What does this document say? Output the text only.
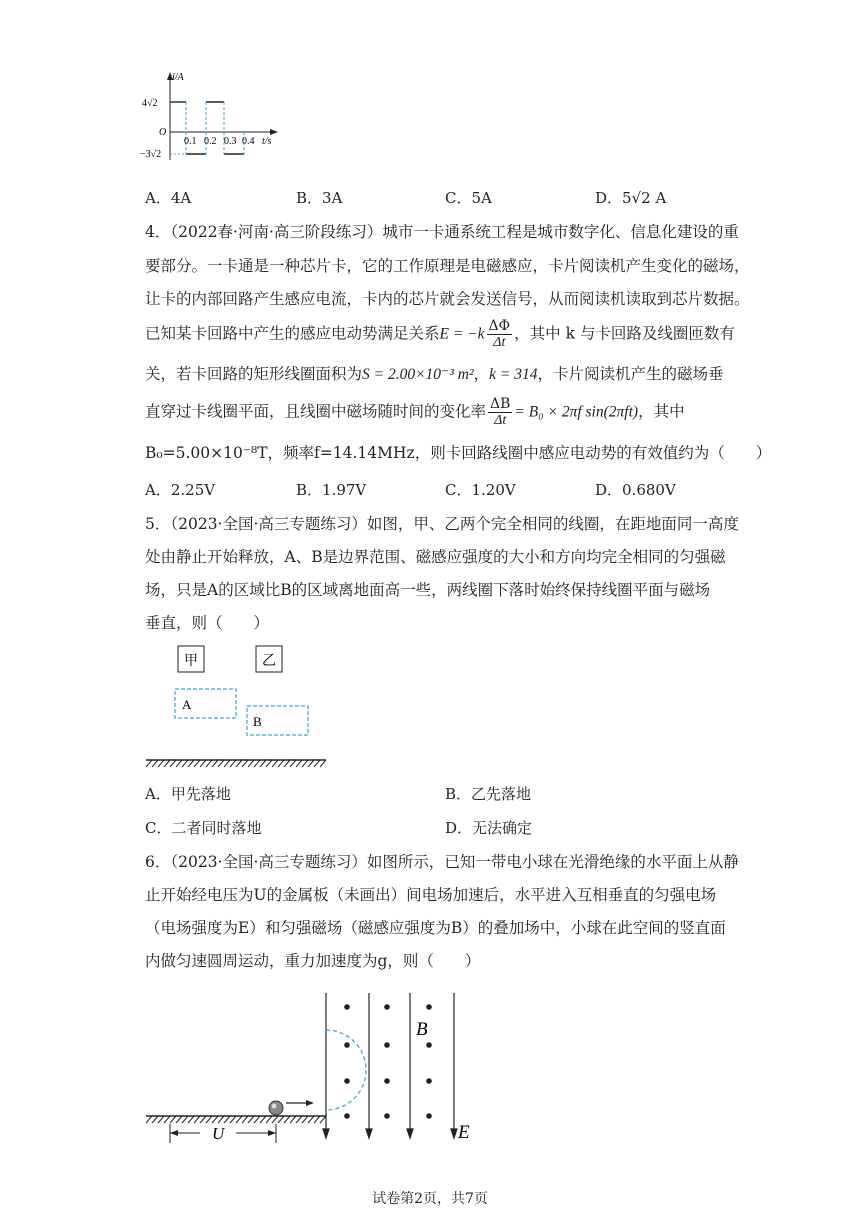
i/A
4√2
O
−3√2
0.1 0.2 0.3 0.4 t/s
A．4A	B．3A	C．5A	D．5√2 A
4．（2022春·河南·高三阶段练习）城市一卡通系统工程是城市数字化、信息化建设的重
要部分。一卡通是一种芯片卡，它的工作原理是电磁感应，卡片阅读机产生变化的磁场，
让卡的内部回路产生感应电流，卡内的芯片就会发送信号，从而阅读机读取到芯片数据。
已知某卡回路中产生的感应电动势满足关系$E = -k \frac{\Delta\Phi}{\Delta t}$ ，其中 k 与卡回路及线圈匝数有
关，若卡回路的矩形线圈面积为S = 2.00×10⁻³ m²，k = 314，卡片阅读机产生的磁场垂
直穿过卡线圈平面，且线圈中磁场随时间的变化率 $\frac{\Delta B}{\Delta t} = B_0 \times 2\pi f$ sin(2πft)，其中
B₀=5.00×10⁻⁸T，频率f=14.14MHz，则卡回路线圈中感应电动势的有效值约为（　　）
A．2.25V	B．1.97V	C．1.20V	D．0.680V
5．（2023·全国·高三专题练习）如图，甲、乙两个完全相同的线圈，在距地面同一高度
处由静止开始释放，A、B是边界范围、磁感应强度的大小和方向均完全相同的匀强磁
场，只是A的区域比B的区域离地面高一些，两线圈下落时始终保持线圈平面与磁场
垂直，则（　　）
甲	乙
A
B
A．甲先落地	B．乙先落地
C．二者同时落地	D．无法确定
6．（2023·全国·高三专题练习）如图所示，已知一带电小球在光滑绝缘的水平面上从静
止开始经电压为U的金属板（未画出）间电场加速后，水平进入互相垂直的匀强电场
（电场强度为E）和匀强磁场（磁感应强度为B）的叠加场中，小球在此空间的竖直面
内做匀速圆周运动，重力加速度为g，则（　　）
U
B
E
试卷第2页，共7页
